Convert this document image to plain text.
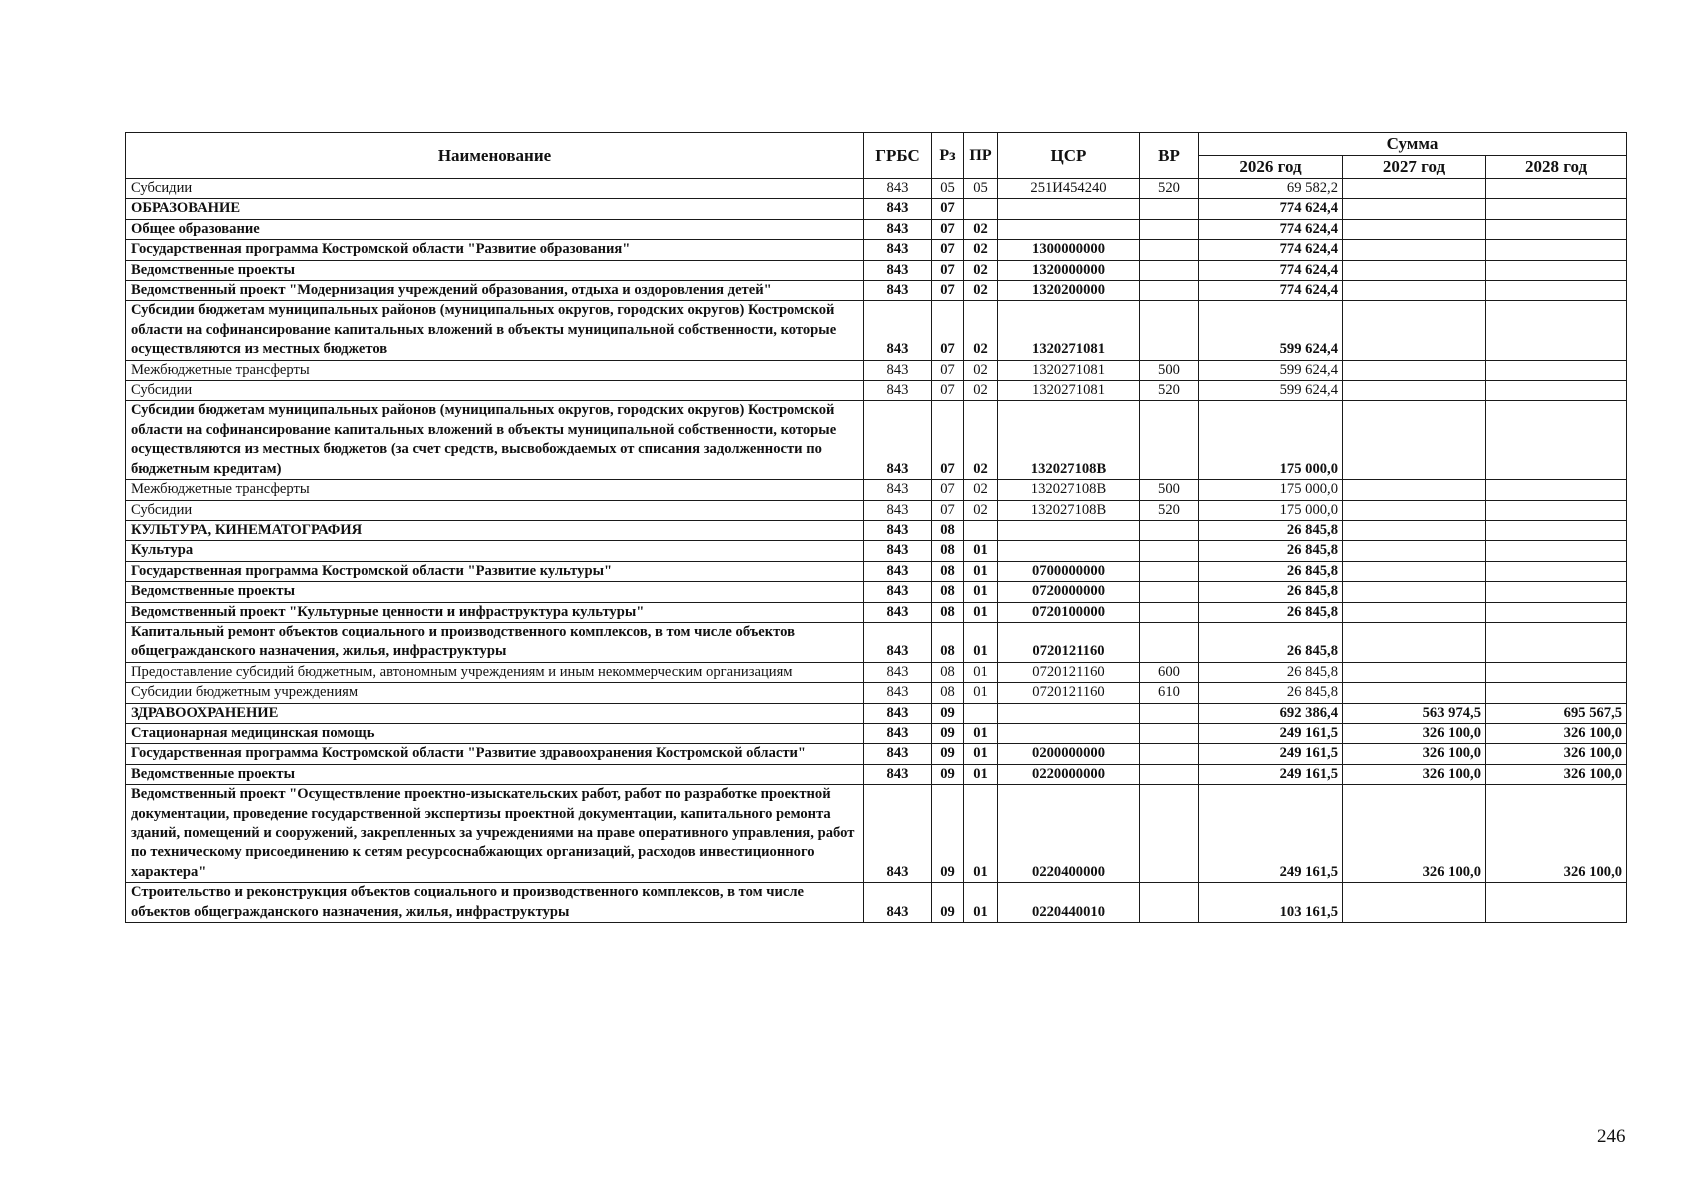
Наименование	ГРБС	Рз	ПР	ЦСР	ВР	Сумма		
						2026 год	2027 год	2028 год
Субсидии	843	05	05	251И454240	520	69 582,2		
ОБРАЗОВАНИЕ	843	07				774 624,4		
Общее образование	843	07	02			774 624,4		
Государственная программа Костромской области "Развитие образования"	843	07	02	1300000000		774 624,4		
Ведомственные проекты	843	07	02	1320000000		774 624,4		
Ведомственный проект "Модернизация учреждений образования, отдыха и оздоровления детей"	843	07	02	1320200000		774 624,4		
Субсидии бюджетам муниципальных районов (муниципальных округов, городских округов) Костромской области на софинансирование капитальных вложений в объекты муниципальной собственности, которые осуществляются из местных бюджетов	843	07	02	1320271081		599 624,4		
Межбюджетные трансферты	843	07	02	1320271081	500	599 624,4		
Субсидии	843	07	02	1320271081	520	599 624,4		
Субсидии бюджетам муниципальных районов (муниципальных округов, городских округов) Костромской области на софинансирование капитальных вложений в объекты муниципальной собственности, которые осуществляются из местных бюджетов (за счет средств, высвобождаемых от списания задолженности по бюджетным кредитам)	843	07	02	132027108B		175 000,0		
Межбюджетные трансферты	843	07	02	132027108B	500	175 000,0		
Субсидии	843	07	02	132027108B	520	175 000,0		
КУЛЬТУРА, КИНЕМАТОГРАФИЯ	843	08				26 845,8		
Культура	843	08	01			26 845,8		
Государственная программа Костромской области "Развитие культуры"	843	08	01	0700000000		26 845,8		
Ведомственные проекты	843	08	01	0720000000		26 845,8		
Ведомственный проект "Культурные ценности и инфраструктура культуры"	843	08	01	0720100000		26 845,8		
Капитальный ремонт объектов социального и производственного комплексов, в том числе объектов общегражданского назначения, жилья, инфраструктуры	843	08	01	0720121160		26 845,8		
Предоставление субсидий бюджетным, автономным учреждениям и иным некоммерческим организациям	843	08	01	0720121160	600	26 845,8		
Субсидии бюджетным учреждениям	843	08	01	0720121160	610	26 845,8		
ЗДРАВООХРАНЕНИЕ	843	09				692 386,4	563 974,5	695 567,5
Стационарная медицинская помощь	843	09	01			249 161,5	326 100,0	326 100,0
Государственная программа Костромской области "Развитие здравоохранения Костромской области"	843	09	01	0200000000		249 161,5	326 100,0	326 100,0
Ведомственные проекты	843	09	01	0220000000		249 161,5	326 100,0	326 100,0
Ведомственный проект "Осуществление проектно-изыскательских работ, работ по разработке проектной документации, проведение государственной экспертизы проектной документации, капитального ремонта зданий, помещений и сооружений, закрепленных за учреждениями на праве оперативного управления, работ по техническому присоединению к сетям ресурсоснабжающих организаций, расходов инвестиционного характера"	843	09	01	0220400000		249 161,5	326 100,0	326 100,0
Строительство и реконструкция объектов социального и производственного комплексов, в том числе объектов общегражданского назначения, жилья, инфраструктуры	843	09	01	0220440010		103 161,5		
246
